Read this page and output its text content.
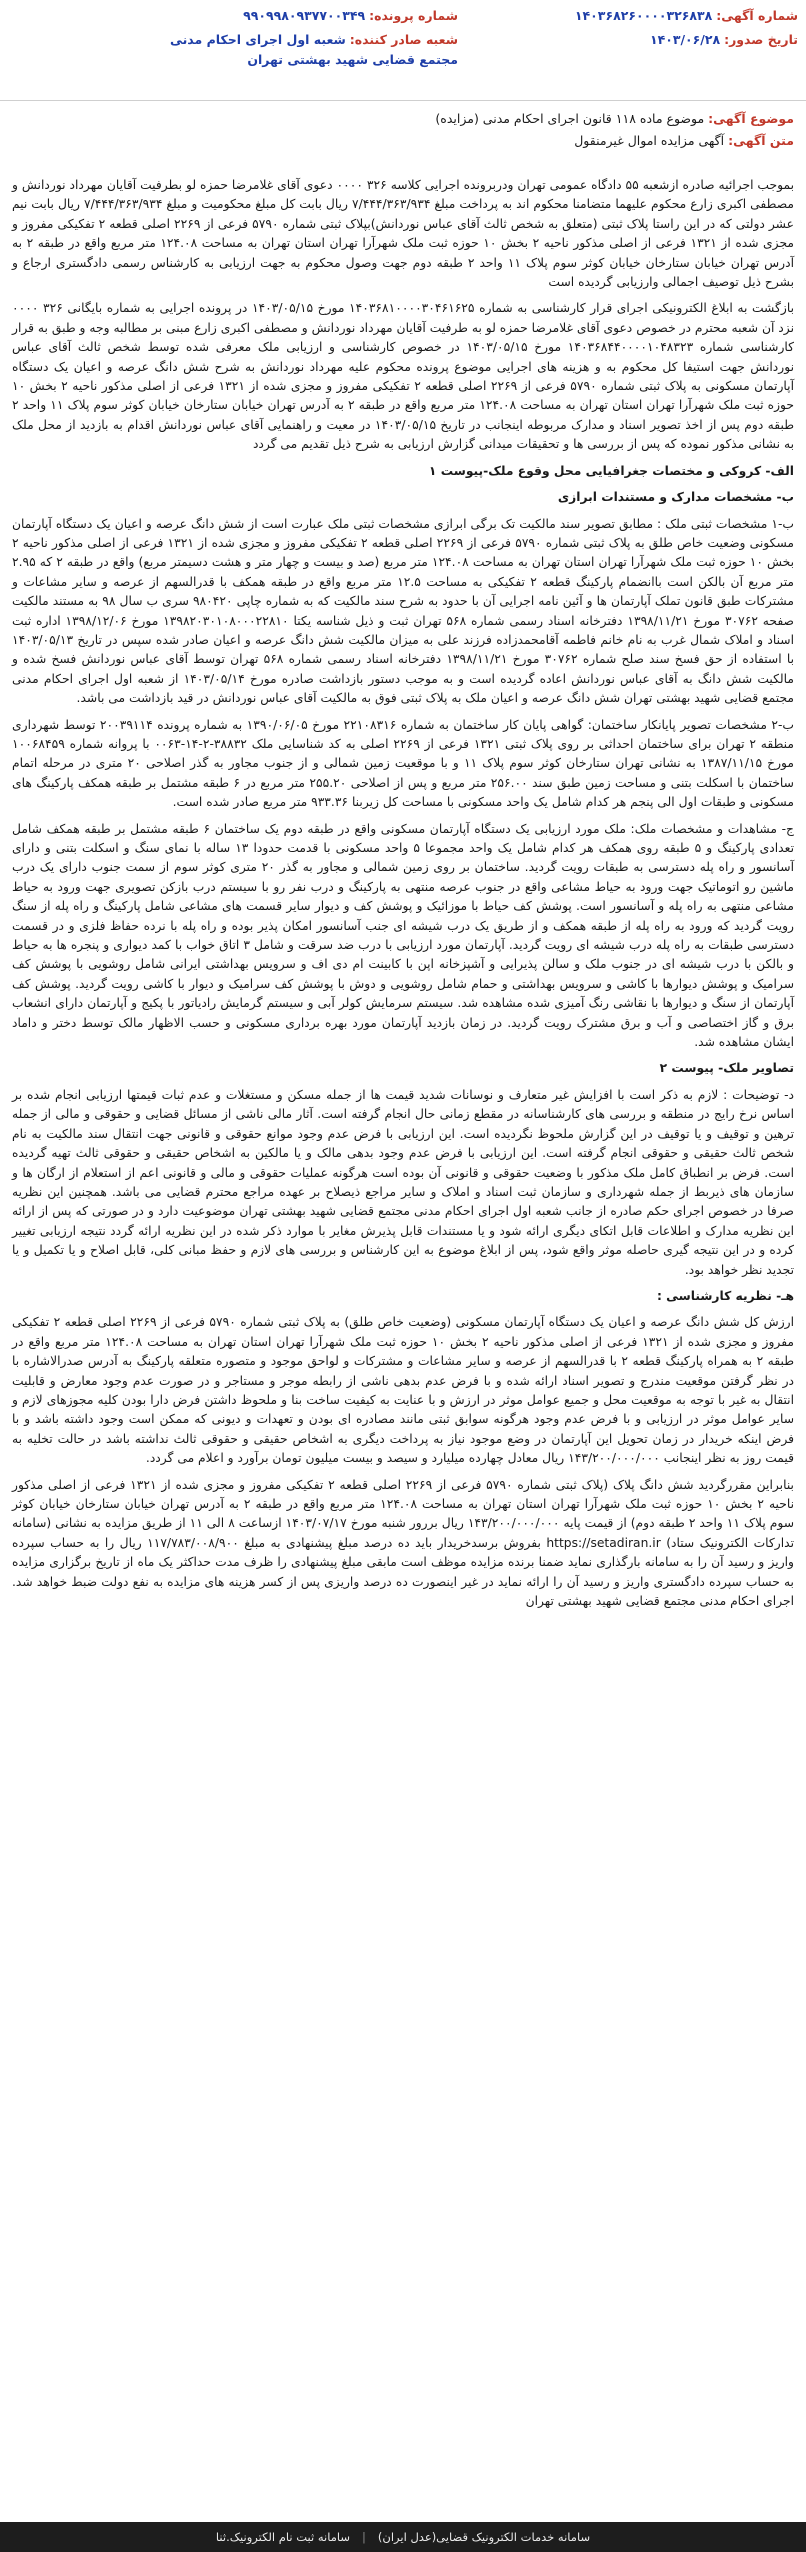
شماره آگهی: ۱۴۰۳۶۸۲۶۰۰۰۰۳۲۶۸۳۸
تاریخ صدور: ۱۴۰۳/۰۶/۲۸
شماره پرونده: ۹۹۰۹۹۸۰۹۳۷۷۰۰۳۴۹
شعبه صادر کننده: شعبه اول اجرای احکام مدنی مجتمع قضایی شهید بهشتی تهران
موضوع آگهی: موضوع ماده ۱۱۸ قانون اجرای احکام مدنی (مزایده)
متن آگهی: آگهی مزایده اموال غیرمنقول

بموجب اجرائیه صادره ازشعبه ۵۵ دادگاه عمومی تهران ودربرونده اجرایی کلاسه ۳۲۶ ۰۰۰۰ دعوی آقای غلامرضا حمزه لو بطرفیت آقایان مهرداد نوردانش و مصطفی اکبری زارع محکوم علیهما متضامنا محکوم اند به پرداخت مبلغ ۷/۴۴۴/۳۶۳/۹۳۴ ریال بابت کل مبلغ محکومیت و مبلغ ۷/۴۴۴/۳۶۳/۹۳۴ ریال بابت نیم عشر دولتی که در این راستا پلاک ثبتی (متعلق به شخص ثالث آقای عباس نوردانش)بپلاک ثبتی شماره ۵۷۹۰ فرعی از ۲۲۶۹ اصلی قطعه ۲ تفکیکی مفروز و مجزی شده از ۱۳۲۱ فرعی از اصلی مذکور ناحیه ۲ بخش ۱۰ حوزه ثبت ملک شهرآرا تهران استان تهران به مساحت ۱۲۴.۰۸ متر مربع واقع در طبقه ۲ به آدرس تهران خیابان ستارخان خیابان کوثر سوم پلاک ۱۱ واحد ۲ طبقه دوم جهت وصول محکوم به جهت ارزیابی به کارشناس رسمی دادگستری ارجاع و بشرح ذیل توصیف اجمالی وارزیابی گردیده است

بازگشت به ابلاغ الکترونیکی اجرای قرار کارشناسی به شماره ۱۴۰۳۶۸۱۰۰۰۰۳۰۴۶۱۶۲۵ مورخ ۱۴۰۳/۰۵/۱۵ در پرونده اجرایی به شماره بایگانی ۳۲۶ ۰۰۰۰ نزد آن شعبه محترم در خصوص دعوی آقای غلامرضا حمزه لو به طرفیت آقایان مهرداد نوردانش و مصطفی اکبری زارع مبنی بر مطالبه وجه و طبق به قرار کارشناسی شماره ۱۴۰۳۶۸۴۴۰۰۰۰۱۰۴۸۳۲۳ مورخ ۱۴۰۳/۰۵/۱۵ در خصوص کارشناسی و ارزیابی ملک معرفی شده توسط شخص ثالث آقای عباس نوردانش جهت استیفا کل محکوم به و هزینه های اجرایی موضوع پرونده محکوم علیه مهرداد نوردانش به شرح شش دانگ عرصه و اعیان یک دستگاه آپارتمان مسکونی به پلاک ثبتی شماره ۵۷۹۰ فرعی از ۲۲۶۹ اصلی قطعه ۲ تفکیکی مفروز و مجزی شده از ۱۳۲۱ فرعی از اصلی مذکور ناحیه ۲ بخش ۱۰ حوزه ثبت ملک شهرآرا تهران استان تهران به مساحت ۱۲۴.۰۸ متر مربع واقع در طبقه ۲ به آدرس تهران خیابان ستارخان خیابان کوثر سوم پلاک ۱۱ واحد ۲ طبقه دوم پس از اخذ تصویر اسناد و مدارک مربوطه اینجانب در تاریخ ۱۴۰۳/۰۵/۱۵ در معیت و راهنمایی آقای عباس نوردانش اقدام به بازدید از محل ملک به نشانی مذکور نموده که پس از بررسی ها و تحقیقات میدانی گزارش ارزیابی به شرح ذیل تقدیم می گردد

الف- کروکی و مختصات جغرافیایی محل وقوع ملک-پیوست ۱

ب- مشخصات مدارک و مستندات ابرازی

ب-۱ مشخصات ثبتی ملک : مطابق تصویر سند مالکیت تک برگی ابرازی مشخصات ثبتی ملک عبارت است از شش دانگ عرصه و اعیان یک دستگاه آپارتمان مسکونی وضعیت خاص طلق به پلاک ثبتی شماره ۵۷۹۰ فرعی از ۲۲۶۹ اصلی قطعه ۲ تفکیکی مفروز و مجزی شده از ۱۳۲۱ فرعی از اصلی مذکور ناحیه ۲ بخش ۱۰ حوزه ثبت ملک شهرآرا تهران استان تهران به مساحت ۱۲۴.۰۸ متر مربع (صد و بیست و چهار متر و هشت دسیمتر مربع) واقع در طبقه ۲ که ۲.۹۵ متر مربع آن بالکن است باانضمام پارکینگ قطعه ۲ تفکیکی به مساحت ۱۲.۵ متر مربع واقع در طبقه همکف با قدرالسهم از عرصه و سایر مشاعات و مشترکات طبق قانون تملک آپارتمان ها و آئین نامه اجرایی آن با حدود به شرح سند مالکیت که به شماره چاپی ۹۸۰۴۲۰ سری ب سال ۹۸ به مستند مالکیت صفحه ۳۰۷۶۲ مورخ ۱۳۹۸/۱۱/۲۱ دفترخانه اسناد رسمی شماره ۵۶۸ تهران ثبت و ذیل شناسه یکتا ۱۳۹۸۲۰۳۰۱۰۸۰۰۰۲۲۸۱۰ مورخ ۱۳۹۸/۱۲/۰۶ اداره ثبت اسناد و املاک شمال غرب به نام خانم فاطمه آقامحمدزاده فرزند علی به میزان مالکیت شش دانگ عرصه و اعیان صادر شده سپس در تاریخ ۱۴۰۳/۰۵/۱۳ با استفاده از حق فسخ سند صلح شماره ۳۰۷۶۲ مورخ ۱۳۹۸/۱۱/۲۱ دفترخانه اسناد رسمی شماره ۵۶۸ تهران توسط آقای عباس نوردانش فسخ شده و مالکیت شش دانگ به آقای عباس نوردانش اعاده گردیده است و به موجب دستور بازداشت صادره مورخ ۱۴۰۳/۰۵/۱۴ از شعبه اول اجرای احکام مدنی مجتمع قضایی شهید بهشتی تهران شش دانگ عرصه و اعیان ملک به پلاک ثبتی فوق به مالکیت آقای عباس نوردانش در قید بازداشت می باشد.

ب-۲ مشخصات تصویر پایانکار ساختمان: گواهی پایان کار ساختمان به شماره ۲۲۱۰۸۳۱۶ مورخ ۱۳۹۰/۰۶/۰۵ به شماره پرونده ۲۰۰۳۹۱۱۴ توسط شهرداری منطقه ۲ تهران برای ساختمان احداثی بر روی پلاک ثبتی ۱۳۲۱ فرعی از ۲۲۶۹ اصلی به کد شناسایی ملک ۳۸۸۳۲-۲-۱۴-۰۰۶۳ با پروانه شماره ۱۰۰۶۸۴۵۹ مورخ ۱۳۸۷/۱۱/۱۵ به نشانی تهران ستارخان کوثر سوم پلاک ۱۱ و با موقعیت زمین شمالی و از جنوب مجاور به گذر اصلاحی ۲۰ متری در مرحله اتمام ساختمان با اسکلت بتنی و مساحت زمین طبق سند ۲۵۶.۰۰ متر مربع و پس از اصلاحی ۲۵۵.۲۰ متر مربع در ۶ طبقه مشتمل بر طبقه همکف پارکینگ های مسکونی و طبقات اول الی پنجم هر کدام شامل یک واحد مسکونی با مساحت کل زیربنا ۹۳۳.۳۶ متر مربع صادر شده است.

ج- مشاهدات و مشخصات ملک: ملک مورد ارزیابی یک دستگاه آپارتمان مسکونی واقع در طبقه دوم یک ساختمان ۶ طبقه مشتمل بر طبقه همکف شامل تعدادی پارکینگ و ۵ طبقه روی همکف هر کدام شامل یک واحد مجموعا ۵ واحد مسکونی با قدمت حدودا ۱۳ ساله با نمای سنگ و اسکلت بتنی و دارای آسانسور و راه پله دسترسی به طبقات رویت گردید. ساختمان بر روی زمین شمالی و مجاور به گذر ۲۰ متری کوثر سوم از سمت جنوب دارای یک درب ماشین رو اتوماتیک جهت ورود به حیاط مشاعی واقع در جنوب عرصه منتهی به پارکینگ و درب نفر رو با سیستم درب بازکن تصویری جهت ورود به حیاط مشاعی منتهی به راه پله و آسانسور است. پوشش کف حیاط با موزائیک و پوشش کف و دیوار سایر قسمت های مشاعی شامل پارکینگ و راه پله از سنگ رویت گردید که ورود به راه پله از طبقه همکف و از طریق یک درب شیشه ای جنب آسانسور امکان پذیر بوده و راه پله با نرده حفاظ فلزی و در قسمت دسترسی طبقات به راه پله درب شیشه ای رویت گردید. آپارتمان مورد ارزیابی با درب ضد سرقت و شامل ۳ اتاق خواب با کمد دیواری و پنجره ها به حیاط و بالکن با درب شیشه ای در جنوب ملک و سالن پذیرایی و آشپزخانه اپن با کابینت ام دی اف و سرویس بهداشتی ایرانی شامل روشویی با پوشش کف سرامیک و پوشش دیوارها با کاشی و سرویس بهداشتی و حمام شامل روشویی و دوش با پوشش کف سرامیک و دیوار با کاشی رویت گردید. پوشش کف آپارتمان از سنگ و دیوارها با نقاشی رنگ آمیزی شده مشاهده شد. سیستم سرمایش کولر آبی و سیستم گرمایش رادیاتور با پکیج و آپارتمان دارای انشعاب برق و گاز اختصاصی و آب و برق مشترک رویت گردید. در زمان بازدید آپارتمان مورد بهره برداری مسکونی و حسب الاظهار مالک توسط دختر و داماد ایشان مشاهده شد.

تصاویر ملک- پیوست ۲

د- توضیحات : لازم به ذکر است با افزایش غیر متعارف و نوسانات شدید قیمت ها از جمله مسکن و مستغلات و عدم ثبات قیمتها ارزیابی انجام شده بر اساس نرخ رایج در منطقه و بررسی های کارشناسانه در مقطع زمانی حال انجام گرفته است. آثار مالی ناشی از مسائل قضایی و حقوقی و مالی از جمله ترهین و توقیف و یا توقیف در این گزارش ملحوظ نگردیده است. این ارزیابی با فرض عدم وجود موانع حقوقی و قانونی جهت انتقال سند مالکیت به نام شخص ثالث حقیقی و حقوقی انجام گرفته است. این ارزیابی با فرض عدم وجود بدهی مالک و یا مالکین به اشخاص حقیقی و حقوقی ثالث تهیه گردیده است. فرض بر انطباق کامل ملک مذکور با وضعیت حقوقی و قانونی آن بوده است هرگونه عملیات حقوقی و مالی و قانونی اعم از استعلام از ارگان ها و سازمان های ذیربط از جمله شهرداری و سازمان ثبت اسناد و املاک و سایر مراجع ذیصلاح بر عهده مراجع محترم قضایی می باشد. همچنین این نظریه صرفا در خصوص اجرای حکم صادره از جانب شعبه اول اجرای احکام مدنی مجتمع قضایی شهید بهشتی تهران موضوعیت دارد و در صورتی که پس از ارائه این نظریه مدارک و اطلاعات قابل اتکای دیگری ارائه شود و یا مستندات قابل پذیرش مغایر با موارد ذکر شده در این نظریه ارائه گردد نتیجه ارزیابی تغییر کرده و در این نتیجه گیری حاصله موثر واقع شود، پس از ابلاغ موضوع به این کارشناس و بررسی های لازم و حفظ مبانی کلی، قابل اصلاح و یا تکمیل و یا تجدید نظر خواهد بود.

هـ- نظریه کارشناسی :

ارزش کل شش دانگ عرصه و اعیان یک دستگاه آپارتمان مسکونی (وضعیت خاص طلق) به پلاک ثبتی شماره ۵۷۹۰ فرعی از ۲۲۶۹ اصلی قطعه ۲ تفکیکی مفروز و مجزی شده از ۱۳۲۱ فرعی از اصلی مذکور ناحیه ۲ بخش ۱۰ حوزه ثبت ملک شهرآرا تهران استان تهران به مساحت ۱۲۴.۰۸ متر مربع واقع در طبقه ۲ به همراه پارکینگ قطعه ۲ با قدرالسهم از عرصه و سایر مشاعات و مشترکات و لواحق موجود و متصوره متعلقه پارکینگ به آدرس صدرالاشاره با در نظر گرفتن موقعیت مندرج و تصویر اسناد ارائه شده و با فرض عدم بدهی ناشی از رابطه موجر و مستاجر و در صورت عدم وجود معارض و قابلیت انتقال به غیر با توجه به موقعیت محل و جمیع عوامل موثر در ارزش و با عنایت به کیفیت ساخت بنا و ملحوظ داشتن فرض دارا بودن کلیه مجوزهای لازم و سایر عوامل موثر در ارزیابی و با فرض عدم وجود هرگونه سوابق ثبتی مانند مصادره ای بودن و تعهدات و دیونی که ممکن است وجود داشته باشد و با فرض اینکه خریدار در زمان تحویل این آپارتمان در وضع موجود نیاز به پرداخت دیگری به اشخاص حقیقی و حقوقی ثالث نداشته باشد در حالت تخلیه به قیمت روز به نظر اینجانب ۱۴۳/۲۰۰/۰۰۰/۰۰۰ ریال معادل چهارده میلیارد و سیصد و بیست میلیون تومان برآورد و اعلام می گردد.

بنابراین مقررگردید شش دانگ پلاک (پلاک ثبتی شماره ۵۷۹۰ فرعی از ۲۲۶۹ اصلی قطعه ۲ تفکیکی مفروز و مجزی شده از ۱۳۲۱ فرعی از اصلی مذکور ناحیه ۲ بخش ۱۰ حوزه ثبت ملک شهرآرا تهران استان تهران به مساحت ۱۲۴.۰۸ متر مربع واقع در طبقه ۲ به آدرس تهران خیابان ستارخان خیابان کوثر سوم پلاک ۱۱ واحد ۲ طبقه دوم) از قیمت پایه ۱۴۳/۲۰۰/۰۰۰/۰۰۰ ریال بررور شنبه مورخ ۱۴۰۳/۰۷/۱۷ ازساعت ۸ الی ۱۱ از طریق مزایده به نشانی (سامانه تدارکات الکترونیک ستاد) https://setadiran.ir بفروش برسدخریدار باید ده درصد مبلغ پیشنهادی به مبلغ ۱۱۷/۷۸۳/۰۰۸/۹۰۰ ریال را به حساب سپرده واریز و رسید آن را به سامانه بارگذاری نماید ضمنا برنده مزایده موظف است مابقی مبلغ پیشنهادی را ظرف مدت حداکثر یک ماه از تاریخ برگزاری مزایده به حساب سپرده دادگستری واریز و رسید آن را ارائه نماید در غیر اینصورت ده درصد واریزی پس از کسر هزینه های مزایده به نفع دولت ضبط خواهد شد. اجرای احکام مدنی مجتمع قضایی شهید بهشتی تهران

سامانه خدمات الکترونیک قضایی(عدل ایران)
|
سامانه ثبت نام الکترونیک.ثنا
